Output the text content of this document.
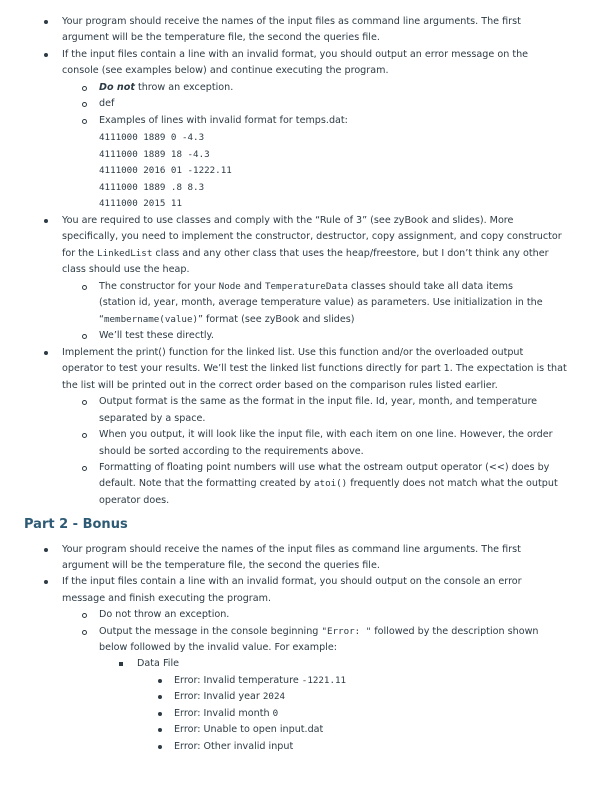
Your program should receive the names of the input files as command line arguments. The first
argument will be the temperature file, the second the queries file.
If the input files contain a line with an invalid format, you should output an error message on the
console (see examples below) and continue executing the program.
Do not throw an exception.
def
Examples of lines with invalid format for temps.dat:
4111000 1889 0 -4.3
4111000 1889 18 -4.3
4111000 2016 01 -1222.11
4111000 1889 .8 8.3
4111000 2015 11
You are required to use classes and comply with the “Rule of 3” (see zyBook and slides). More
specifically, you need to implement the constructor, destructor, copy assignment, and copy constructor
for the LinkedList class and any other class that uses the heap/freestore, but I don’t think any other
class should use the heap.
The constructor for your Node and TemperatureData classes should take all data items
(station id, year, month, average temperature value) as parameters. Use initialization in the
“membername(value)” format (see zyBook and slides)
We’ll test these directly.
Implement the print() function for the linked list. Use this function and/or the overloaded output
operator to test your results. We’ll test the linked list functions directly for part 1. The expectation is that
the list will be printed out in the correct order based on the comparison rules listed earlier.
Output format is the same as the format in the input file. Id, year, month, and temperature
separated by a space.
When you output, it will look like the input file, with each item on one line. However, the order
should be sorted according to the requirements above.
Formatting of floating point numbers will use what the ostream output operator (<<) does by
default. Note that the formatting created by atoi() frequently does not match what the output
operator does.
Part 2 - Bonus
Your program should receive the names of the input files as command line arguments. The first
argument will be the temperature file, the second the queries file.
If the input files contain a line with an invalid format, you should output on the console an error
message and finish executing the program.
Do not throw an exception.
Output the message in the console beginning "Error: " followed by the description shown
below followed by the invalid value. For example:
Data File
Error: Invalid temperature -1221.11
Error: Invalid year 2024
Error: Invalid month 0
Error: Unable to open input.dat
Error: Other invalid input
